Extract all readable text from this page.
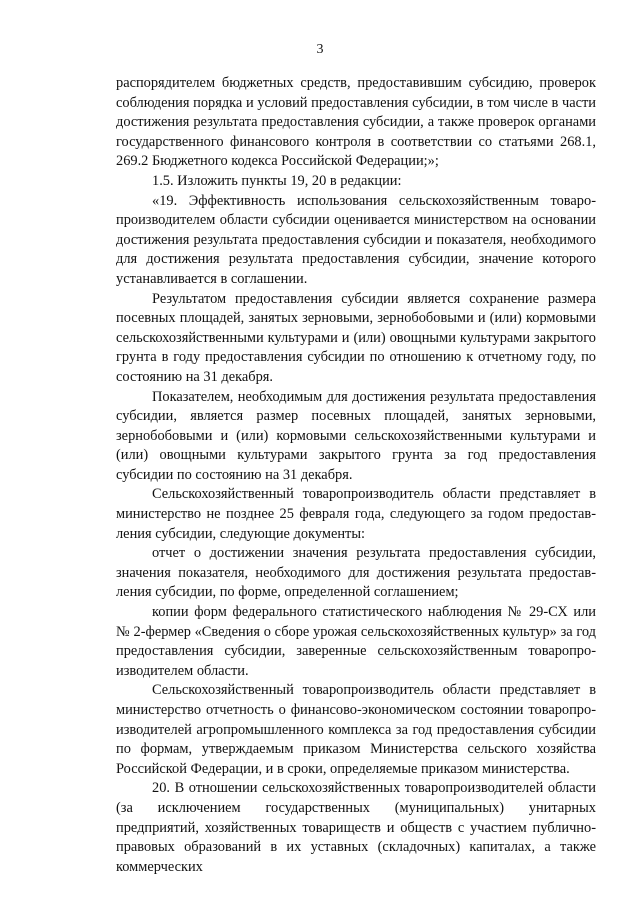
3

распорядителем бюджетных средств, предоставившим субсидию, проверок соблюдения порядка и условий предоставления субсидии, в том числе в части достижения результата предоставления субсидии, а также проверок органами государственного финансового контроля в соответствии со статьями 268.1, 269.2 Бюджетного кодекса Российской Федерации;»;

1.5. Изложить пункты 19, 20 в редакции:

«19. Эффективность использования сельскохозяйственным товаропроизводителем области субсидии оценивается министерством на основании достижения результата предоставления субсидии и показателя, необходимого для достижения результата предоставления субсидии, значение которого устанавливается в соглашении.

Результатом предоставления субсидии является сохранение размера посевных площадей, занятых зерновыми, зернобобовыми и (или) кормовыми сельскохозяйственными культурами и (или) овощными культурами закрытого грунта в году предоставления субсидии по отношению к отчетному году, по состоянию на 31 декабря.

Показателем, необходимым для достижения результата предоставления субсидии, является размер посевных площадей, занятых зерновыми, зернобобовыми и (или) кормовыми сельскохозяйственными культурами и (или) овощными культурами закрытого грунта за год предоставления субсидии по состоянию на 31 декабря.

Сельскохозяйственный товаропроизводитель области представляет в министерство не позднее 25 февраля года, следующего за годом предоставления субсидии, следующие документы:

отчет о достижении значения результата предоставления субсидии, значения показателя, необходимого для достижения результата предоставления субсидии, по форме, определенной соглашением;

копии форм федерального статистического наблюдения № 29-СХ или № 2-фермер «Сведения о сборе урожая сельскохозяйственных культур» за год предоставления субсидии, заверенные сельскохозяйственным товаропроизводителем области.

Сельскохозяйственный товаропроизводитель области представляет в министерство отчетность о финансово-экономическом состоянии товаропроизводителей агропромышленного комплекса за год предоставления субсидии по формам, утверждаемым приказом Министерства сельского хозяйства Российской Федерации, и в сроки, определяемые приказом министерства.

20. В отношении сельскохозяйственных товаропроизводителей области (за исключением государственных (муниципальных) унитарных предприятий, хозяйственных товариществ и обществ с участием публично-правовых образований в их уставных (складочных) капиталах, а также коммерческих
